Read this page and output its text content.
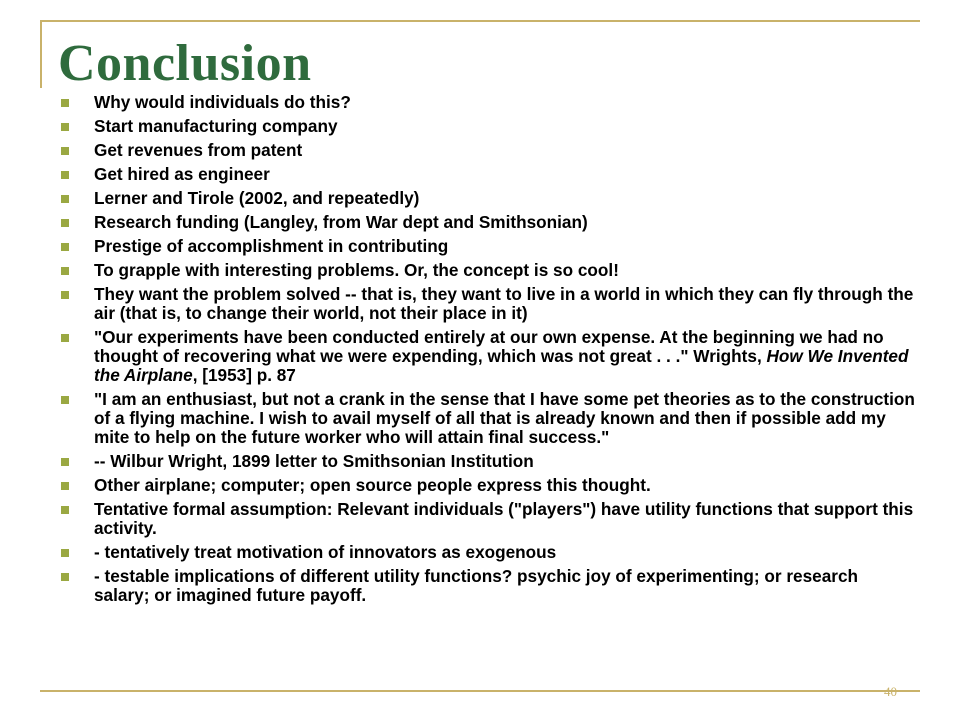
Conclusion
Why would individuals do this?
Start manufacturing company
Get revenues from patent
Get hired as engineer
Lerner and Tirole (2002, and repeatedly)
Research funding (Langley, from War dept and Smithsonian)
Prestige of accomplishment in contributing
To grapple with interesting problems. Or, the concept is so cool!
They want the problem solved -- that is, they want to live in a world in which they can fly through the air (that is, to change their world, not their place in it)
"Our experiments have been conducted entirely at our own expense. At the beginning we had no thought of recovering what we were expending, which was not great . . ." Wrights, How We Invented the Airplane, [1953] p. 87
"I am an enthusiast, but not a crank in the sense that I have some pet theories as to the construction of a flying machine. I wish to avail myself of all that is already known and then if possible add my mite to help on the future worker who will attain final success."
-- Wilbur Wright, 1899 letter to Smithsonian Institution
Other airplane; computer; open source people express this thought.
Tentative formal assumption: Relevant individuals ("players") have utility functions that support this activity.
- tentatively treat motivation of innovators as exogenous
- testable implications of different utility functions? psychic joy of experimenting; or research salary; or imagined future payoff.
40
